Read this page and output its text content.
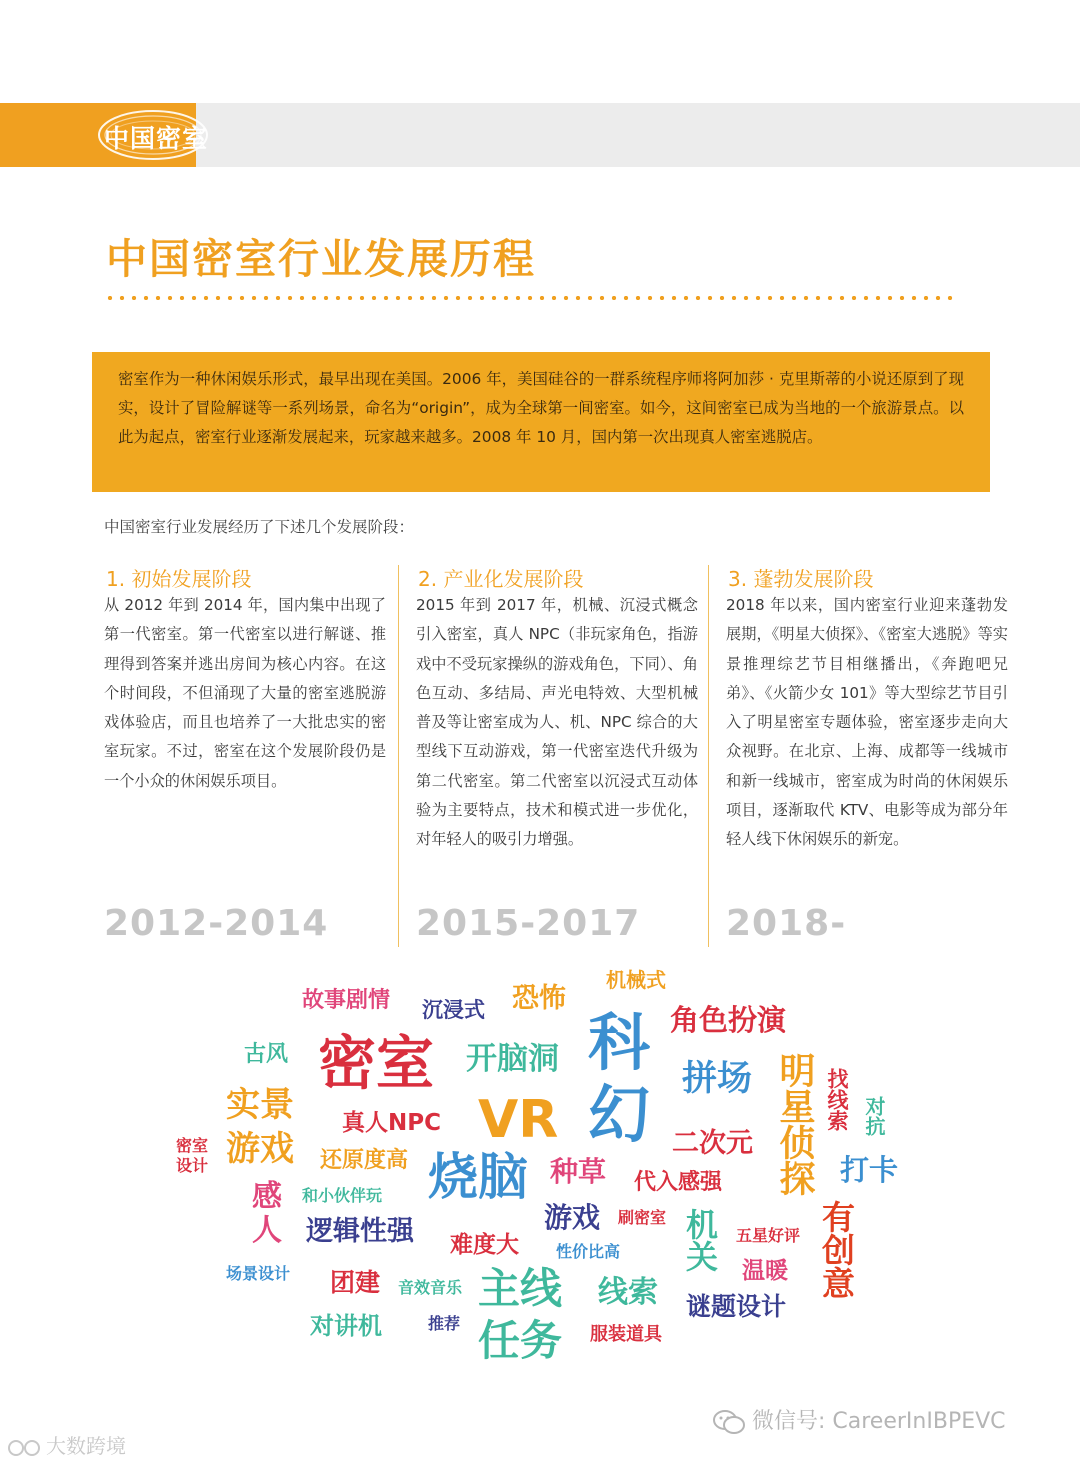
中国密室
中国密室行业发展历程

密室作为一种休闲娱乐形式，最早出现在美国。2006 年，美国硅谷的一群系统程序师将阿加莎 · 克里斯蒂的小说还原到了现实，设计了冒险解谜等一系列场景，命名为“origin”，成为全球第一间密室。如今，这间密室已成为当地的一个旅游景点。以此为起点，密室行业逐渐发展起来，玩家越来越多。2008 年 10 月，国内第一次出现真人密室逃脱店。

中国密室行业发展经历了下述几个发展阶段：
1. 初始发展阶段
从 2012 年到 2014 年，国内集中出现了第一代密室。第一代密室以进行解谜、推理得到答案并逃出房间为核心内容。在这个时间段，不但涌现了大量的密室逃脱游戏体验店，而且也培养了一大批忠实的密室玩家。不过，密室在这个发展阶段仍是一个小众的休闲娱乐项目。
2012-2014
2. 产业化发展阶段
2015 年到 2017 年，机械、沉浸式概念引入密室，真人 NPC（非玩家角色，指游戏中不受玩家操纵的游戏角色，下同）、角色互动、多结局、声光电特效、大型机械普及等让密室成为人、机、NPC 综合的大型线下互动游戏，第一代密室迭代升级为第二代密室。第二代密室以沉浸式互动体验为主要特点，技术和模式进一步优化，对年轻人的吸引力增强。
2015-2017
3. 蓬勃发展阶段
2018 年以来，国内密室行业迎来蓬勃发展期，《明星大侦探》、《密室大逃脱》等实景推理综艺节目相继播出，《奔跑吧兄弟》、《火箭少女 101》等大型综艺节目引入了明星密室专题体验，密室逐步走向大众视野。在北京、上海、成都等一线城市和新一线城市，密室成为时尚的休闲娱乐项目，逐渐取代 KTV、电影等成为部分年轻人线下休闲娱乐的新宠。
2018-
故事剧情 沉浸式 恐怖
机械式
角色扮演
古风 密室 开脑洞 科
幻 拼场 明星侦探 找线索 对抗
实景
游戏
真人NPC VR	二次元
密室设计	还原度高 烧脑 种草 代入感强	打卡
感
人
和小伙伴玩
逻辑性强	游戏 刷密室 机关 五星好评 有创意
难度大 性价比高
温暖
场景设计 团建 音效音乐 主线 线索 谜题设计
对讲机	推荐 任务 服装道具
微信号: CareerInIBPEVC
大数跨境
